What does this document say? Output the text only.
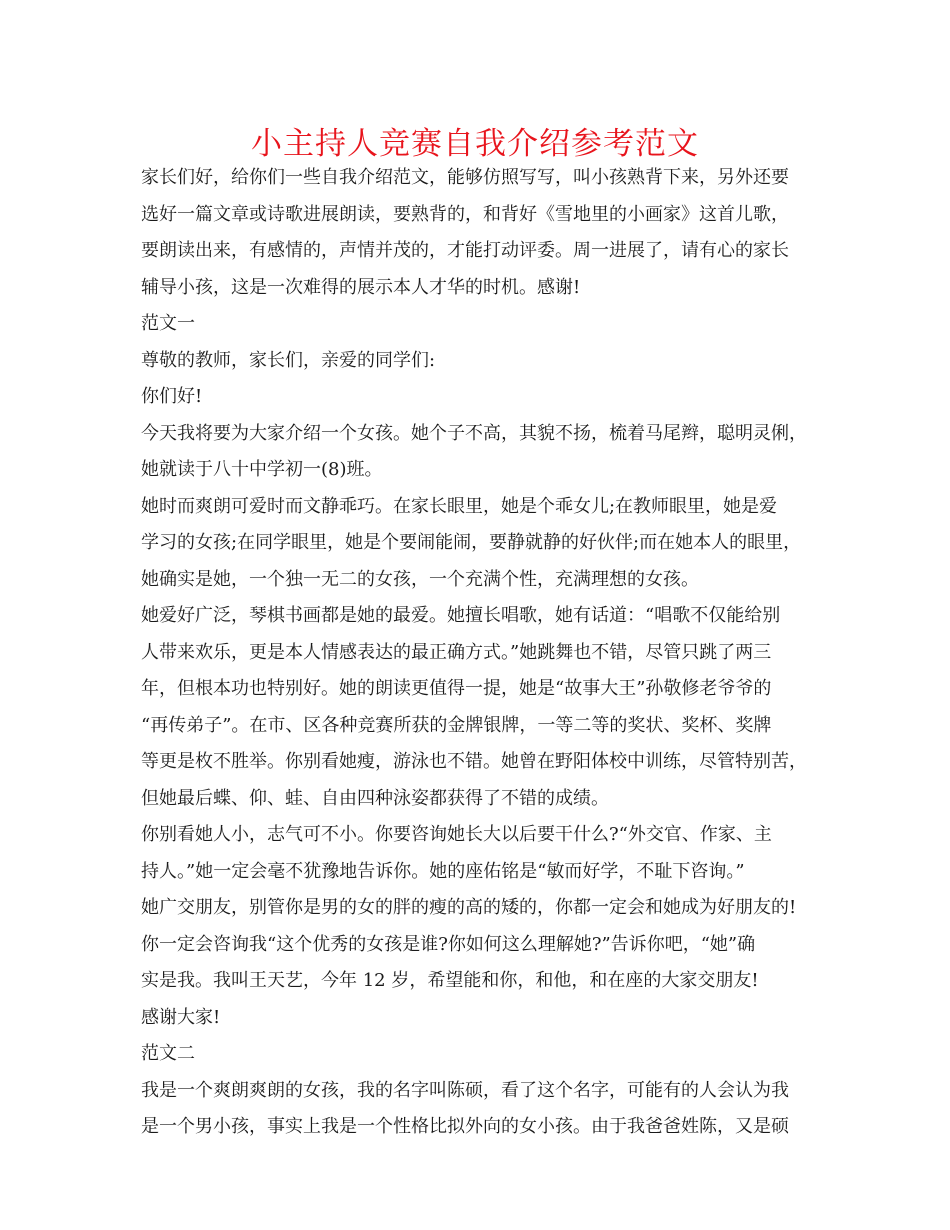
小主持人竞赛自我介绍参考范文
家长们好，给你们一些自我介绍范文，能够仿照写写，叫小孩熟背下来，另外还要
选好一篇文章或诗歌进展朗读，要熟背的，和背好《雪地里的小画家》这首儿歌，
要朗读出来，有感情的，声情并茂的，才能打动评委。周一进展了，请有心的家长
辅导小孩，这是一次难得的展示本人才华的时机。感谢!
范文一
尊敬的教师，家长们，亲爱的同学们:
你们好!
今天我将要为大家介绍一个女孩。她个子不高，其貌不扬，梳着马尾辫，聪明灵俐，
她就读于八十中学初一(8)班。
她时而爽朗可爱时而文静乖巧。在家长眼里，她是个乖女儿;在教师眼里，她是爱
学习的女孩;在同学眼里，她是个要闹能闹，要静就静的好伙伴;而在她本人的眼里，
她确实是她，一个独一无二的女孩，一个充满个性，充满理想的女孩。
她爱好广泛，琴棋书画都是她的最爱。她擅长唱歌，她有话道：“唱歌不仅能给别
人带来欢乐，更是本人情感表达的最正确方式。”她跳舞也不错，尽管只跳了两三
年，但根本功也特别好。她的朗读更值得一提，她是“故事大王”孙敬修老爷爷的
“再传弟子”。在市、区各种竞赛所获的金牌银牌，一等二等的奖状、奖杯、奖牌
等更是枚不胜举。你别看她瘦，游泳也不错。她曾在野阳体校中训练，尽管特别苦，
但她最后蝶、仰、蛙、自由四种泳姿都获得了不错的成绩。
你别看她人小，志气可不小。你要咨询她长大以后要干什么?“外交官、作家、主
持人。”她一定会毫不犹豫地告诉你。她的座佑铭是“敏而好学，不耻下咨询。”
她广交朋友，别管你是男的女的胖的瘦的高的矮的，你都一定会和她成为好朋友的!
你一定会咨询我“这个优秀的女孩是谁?你如何这么理解她?”告诉你吧，“她”确
实是我。我叫王天艺，今年 12 岁，希望能和你，和他，和在座的大家交朋友!
感谢大家!
范文二
我是一个爽朗爽朗的女孩，我的名字叫陈硕，看了这个名字，可能有的人会认为我
是一个男小孩，事实上我是一个性格比拟外向的女小孩。由于我爸爸姓陈，又是硕
